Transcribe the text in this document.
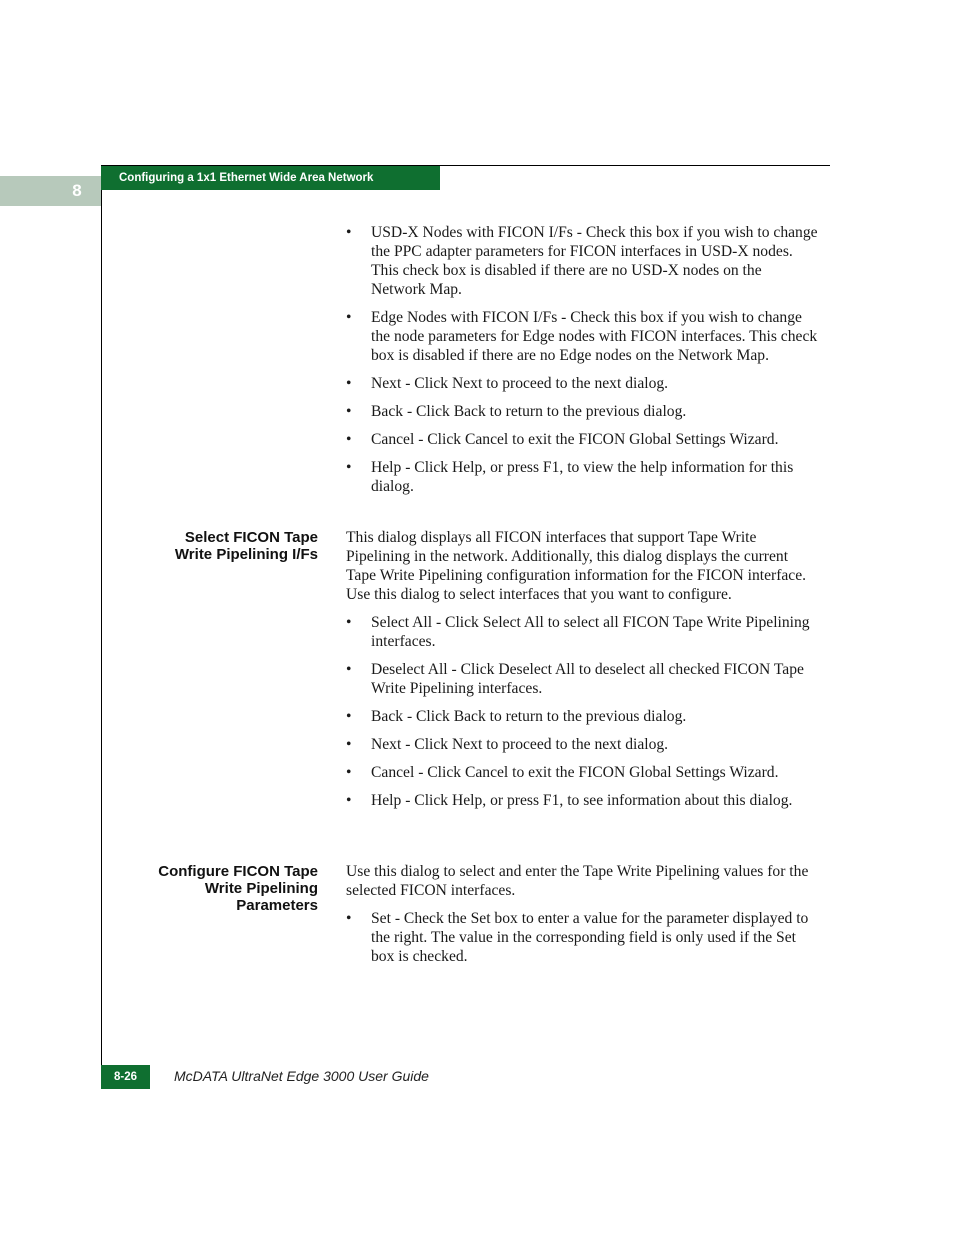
8
Configuring a 1x1 Ethernet Wide Area Network
• USD-X Nodes with FICON I/Fs - Check this box if you wish to change the PPC adapter parameters for FICON interfaces in USD-X nodes. This check box is disabled if there are no USD-X nodes on the Network Map.
• Edge Nodes with FICON I/Fs - Check this box if you wish to change the node parameters for Edge nodes with FICON interfaces. This check box is disabled if there are no Edge nodes on the Network Map.
• Next - Click Next to proceed to the next dialog.
• Back - Click Back to return to the previous dialog.
• Cancel - Click Cancel to exit the FICON Global Settings Wizard.
• Help - Click Help, or press F1, to view the help information for this dialog.
Select FICON Tape
Write Pipelining I/Fs

This dialog displays all FICON interfaces that support Tape Write Pipelining in the network. Additionally, this dialog displays the current Tape Write Pipelining configuration information for the FICON interface. Use this dialog to select interfaces that you want to configure.

• Select All - Click Select All to select all FICON Tape Write Pipelining interfaces.
• Deselect All - Click Deselect All to deselect all checked FICON Tape Write Pipelining interfaces.
• Back - Click Back to return to the previous dialog.
• Next - Click Next to proceed to the next dialog.
• Cancel - Click Cancel to exit the FICON Global Settings Wizard.
• Help - Click Help, or press F1, to see information about this dialog.
Configure FICON Tape
Write Pipelining
Parameters

Use this dialog to select and enter the Tape Write Pipelining values for the selected FICON interfaces.

• Set - Check the Set box to enter a value for the parameter displayed to the right. The value in the corresponding field is only used if the Set box is checked.
8-26	McDATA UltraNet Edge 3000 User Guide
